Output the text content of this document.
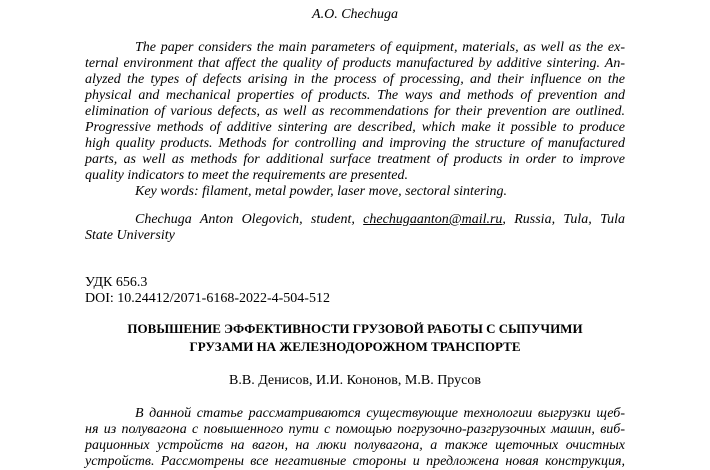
A.O. Chechuga
The paper considers the main parameters of equipment, materials, as well as the ex-
ternal environment that affect the quality of products manufactured by additive sintering. An-
alyzed the types of defects arising in the process of processing, and their influence on the
physical and mechanical properties of products. The ways and methods of prevention and
elimination of various defects, as well as recommendations for their prevention are outlined.
Progressive methods of additive sintering are described, which make it possible to produce
high quality products. Methods for controlling and improving the structure of manufactured
parts, as well as methods for additional surface treatment of products in order to improve
quality indicators to meet the requirements are presented.
Key words: filament, metal powder, laser move, sectoral sintering.
Chechuga Anton Olegovich, student, chechugaanton@mail.ru, Russia, Tula, Tula
State University
УДК 656.3
DOI: 10.24412/2071-6168-2022-4-504-512
ПОВЫШЕНИЕ ЭФФЕКТИВНОСТИ ГРУЗОВОЙ РАБОТЫ С СЫПУЧИМИ
ГРУЗАМИ НА ЖЕЛЕЗНОДОРОЖНОМ ТРАНСПОРТЕ
В.В. Денисов, И.И. Кононов, М.В. Прусов
В данной статье рассматриваются существующие технологии выгрузки щеб-
ня из полувагона с повышенного пути с помощью погрузочно-разгрузочных машин, виб-
рационных устройств на вагон, на люки полувагона, а также щеточных очистных
устройств. Рассмотрены все негативные стороны и предложена новая конструкция,
